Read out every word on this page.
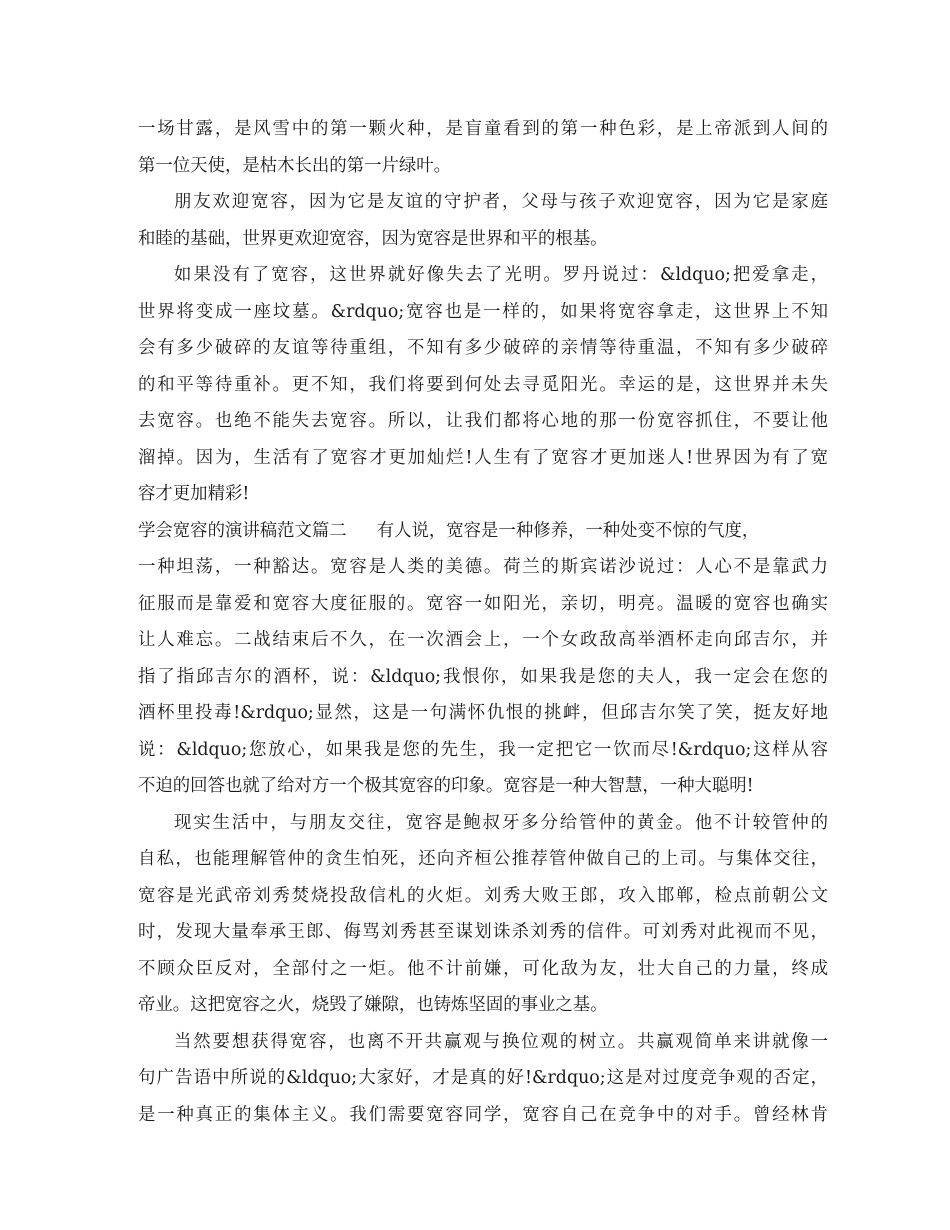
一场甘露，是风雪中的第一颗火种，是盲童看到的第一种色彩，是上帝派到人间的
第一位天使，是枯木长出的第一片绿叶。
朋友欢迎宽容，因为它是友谊的守护者，父母与孩子欢迎宽容，因为它是家庭
和睦的基础，世界更欢迎宽容，因为宽容是世界和平的根基。
如果没有了宽容，这世界就好像失去了光明。罗丹说过：&ldquo;把爱拿走，
世界将变成一座坟墓。&rdquo;宽容也是一样的，如果将宽容拿走，这世界上不知
会有多少破碎的友谊等待重组，不知有多少破碎的亲情等待重温，不知有多少破碎
的和平等待重补。更不知，我们将要到何处去寻觅阳光。幸运的是，这世界并未失
去宽容。也绝不能失去宽容。所以，让我们都将心地的那一份宽容抓住，不要让他
溜掉。因为，生活有了宽容才更加灿烂!人生有了宽容才更加迷人!世界因为有了宽
容才更加精彩!
学会宽容的演讲稿范文篇二 有人说，宽容是一种修养，一种处变不惊的气度，
一种坦荡，一种豁达。宽容是人类的美德。荷兰的斯宾诺沙说过：人心不是靠武力
征服而是靠爱和宽容大度征服的。宽容一如阳光，亲切，明亮。温暖的宽容也确实
让人难忘。二战结束后不久，在一次酒会上，一个女政敌高举酒杯走向邱吉尔，并
指了指邱吉尔的酒杯，说：&ldquo;我恨你，如果我是您的夫人，我一定会在您的
酒杯里投毒!&rdquo;显然，这是一句满怀仇恨的挑衅，但邱吉尔笑了笑，挺友好地
说：&ldquo;您放心，如果我是您的先生，我一定把它一饮而尽!&rdquo;这样从容
不迫的回答也就了给对方一个极其宽容的印象。宽容是一种大智慧，一种大聪明!
现实生活中，与朋友交往，宽容是鲍叔牙多分给管仲的黄金。他不计较管仲的
自私，也能理解管仲的贪生怕死，还向齐桓公推荐管仲做自己的上司。与集体交往，
宽容是光武帝刘秀焚烧投敌信札的火炬。刘秀大败王郎，攻入邯郸，检点前朝公文
时，发现大量奉承王郎、侮骂刘秀甚至谋划诛杀刘秀的信件。可刘秀对此视而不见，
不顾众臣反对，全部付之一炬。他不计前嫌，可化敌为友，壮大自己的力量，终成
帝业。这把宽容之火，烧毁了嫌隙，也铸炼坚固的事业之基。
当然要想获得宽容，也离不开共赢观与换位观的树立。共赢观简单来讲就像一
句广告语中所说的&ldquo;大家好，才是真的好!&rdquo;这是对过度竞争观的否定，
是一种真正的集体主义。我们需要宽容同学，宽容自己在竞争中的对手。曾经林肯
